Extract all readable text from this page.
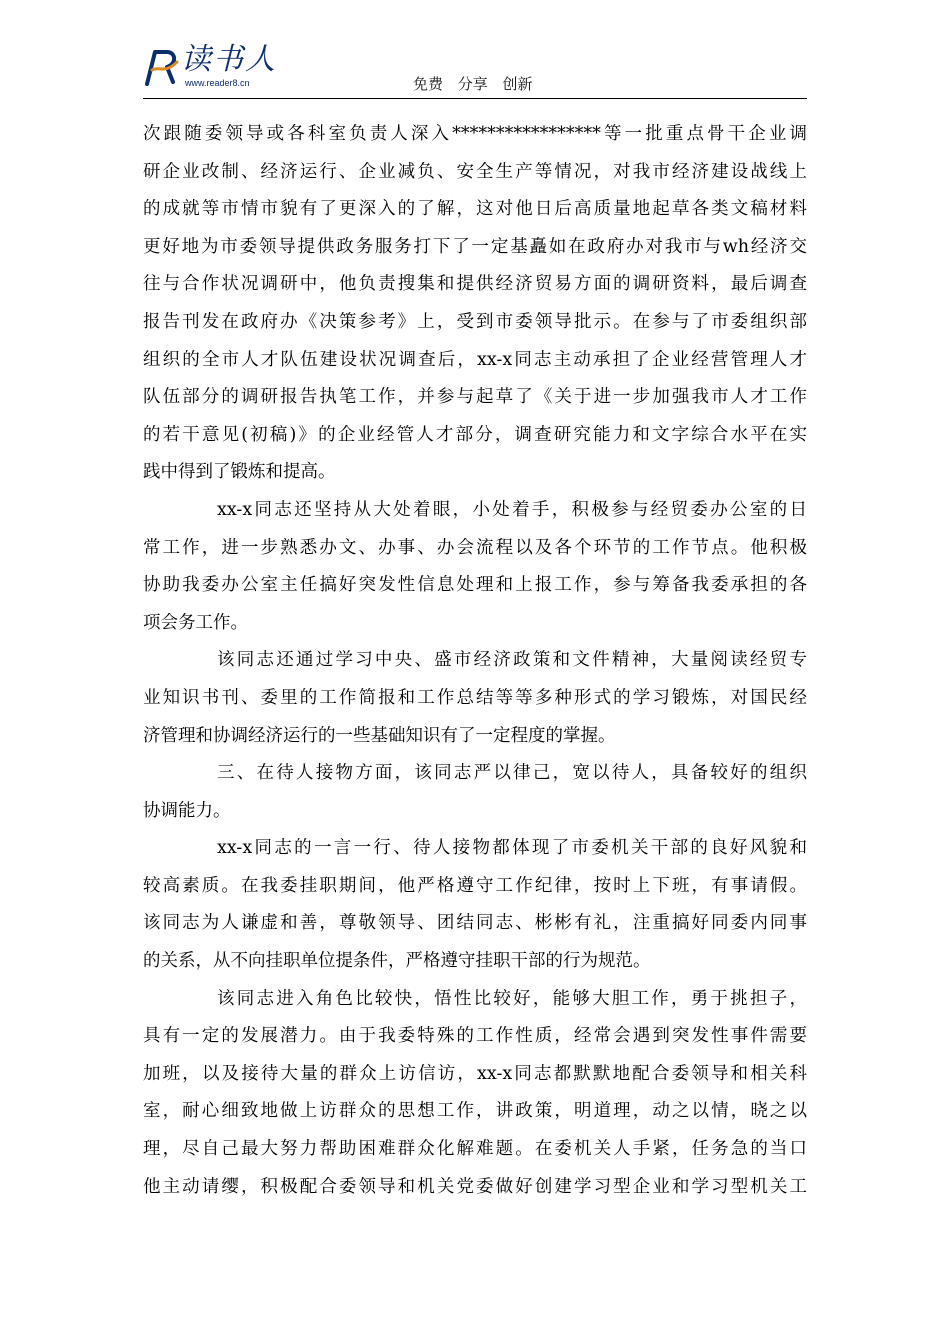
读书人
www.reader8.cn	免费 分享 创新
次跟随委领导或各科室负责人深入*****************等一批重点骨干企业调
研企业改制、经济运行、企业减负、安全生产等情况，对我市经济建设战线上
的成就等市情市貌有了更深入的了解，这对他日后高质量地起草各类文稿材料
更好地为市委领导提供政务服务打下了一定基矗如在政府办对我市与wh经济交
往与合作状况调研中，他负责搜集和提供经济贸易方面的调研资料，最后调查
报告刊发在政府办《决策参考》上，受到市委领导批示。在参与了市委组织部
组织的全市人才队伍建设状况调查后，xx-x同志主动承担了企业经营管理人才
队伍部分的调研报告执笔工作，并参与起草了《关于进一步加强我市人才工作
的若干意见(初稿)》的企业经管人才部分，调查研究能力和文字综合水平在实
践中得到了锻炼和提高。
xx-x同志还坚持从大处着眼，小处着手，积极参与经贸委办公室的日
常工作，进一步熟悉办文、办事、办会流程以及各个环节的工作节点。他积极
协助我委办公室主任搞好突发性信息处理和上报工作，参与筹备我委承担的各
项会务工作。
该同志还通过学习中央、盛市经济政策和文件精神，大量阅读经贸专
业知识书刊、委里的工作简报和工作总结等等多种形式的学习锻炼，对国民经
济管理和协调经济运行的一些基础知识有了一定程度的掌握。
三、在待人接物方面，该同志严以律己，宽以待人，具备较好的组织
协调能力。
xx-x同志的一言一行、待人接物都体现了市委机关干部的良好风貌和
较高素质。在我委挂职期间，他严格遵守工作纪律，按时上下班，有事请假。
该同志为人谦虚和善，尊敬领导、团结同志、彬彬有礼，注重搞好同委内同事
的关系，从不向挂职单位提条件，严格遵守挂职干部的行为规范。
该同志进入角色比较快，悟性比较好，能够大胆工作，勇于挑担子，
具有一定的发展潜力。由于我委特殊的工作性质，经常会遇到突发性事件需要
加班，以及接待大量的群众上访信访，xx-x同志都默默地配合委领导和相关科
室，耐心细致地做上访群众的思想工作，讲政策，明道理，动之以情，晓之以
理，尽自己最大努力帮助困难群众化解难题。在委机关人手紧，任务急的当口
他主动请缨，积极配合委领导和机关党委做好创建学习型企业和学习型机关工
